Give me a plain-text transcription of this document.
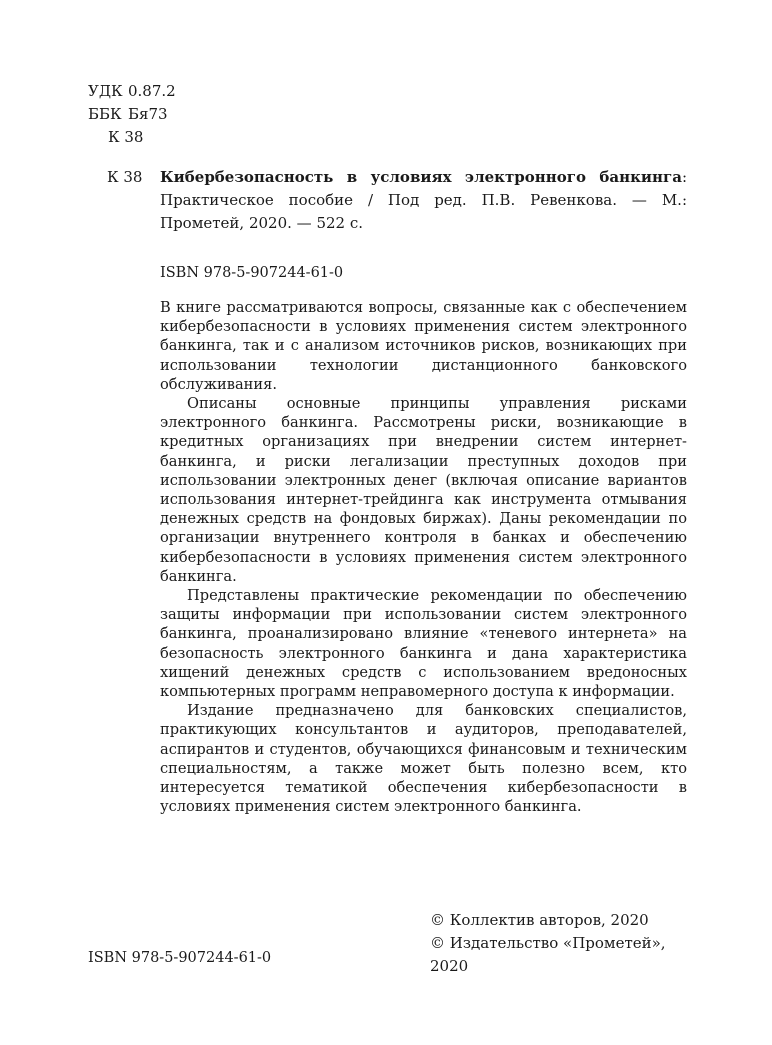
УДК 0.87.2
ББК Бя73
К 38
К 38 Кибербезопасность в условиях электронного банкинга: Практическое пособие / Под ред. П.В. Ревенкова. — М.: Прометей, 2020. — 522 с.
ISBN 978-5-907244-61-0

В книге рассматриваются вопросы, связанные как с обеспечением кибербезопасности в условиях применения систем электронного банкинга, так и с анализом источников рисков, возникающих при использовании технологии дистанционного банковского обслуживания.

Описаны основные принципы управления рисками электронного банкинга. Рассмотрены риски, возникающие в кредитных организациях при внедрении систем интернет-банкинга, и риски легализации преступных доходов при использовании электронных денег (включая описание вариантов использования интернет-трейдинга как инструмента отмывания денежных средств на фондовых биржах). Даны рекомендации по организации внутреннего контроля в банках и обеспечению кибербезопасности в условиях применения систем электронного банкинга.

Представлены практические рекомендации по обеспечению защиты информации при использовании систем электронного банкинга, проанализировано влияние «теневого интернета» на безопасность электронного банкинга и дана характеристика хищений денежных средств с использованием вредоносных компьютерных программ неправомерного доступа к информации.

Издание предназначено для банковских специалистов, практикующих консультантов и аудиторов, преподавателей, аспирантов и студентов, обучающихся финансовым и техническим специальностям, а также может быть полезно всем, кто интересуется тематикой обеспечения кибербезопасности в условиях применения систем электронного банкинга.

© Коллектив авторов, 2020
© Издательство «Прометей»,
2020
ISBN 978-5-907244-61-0
